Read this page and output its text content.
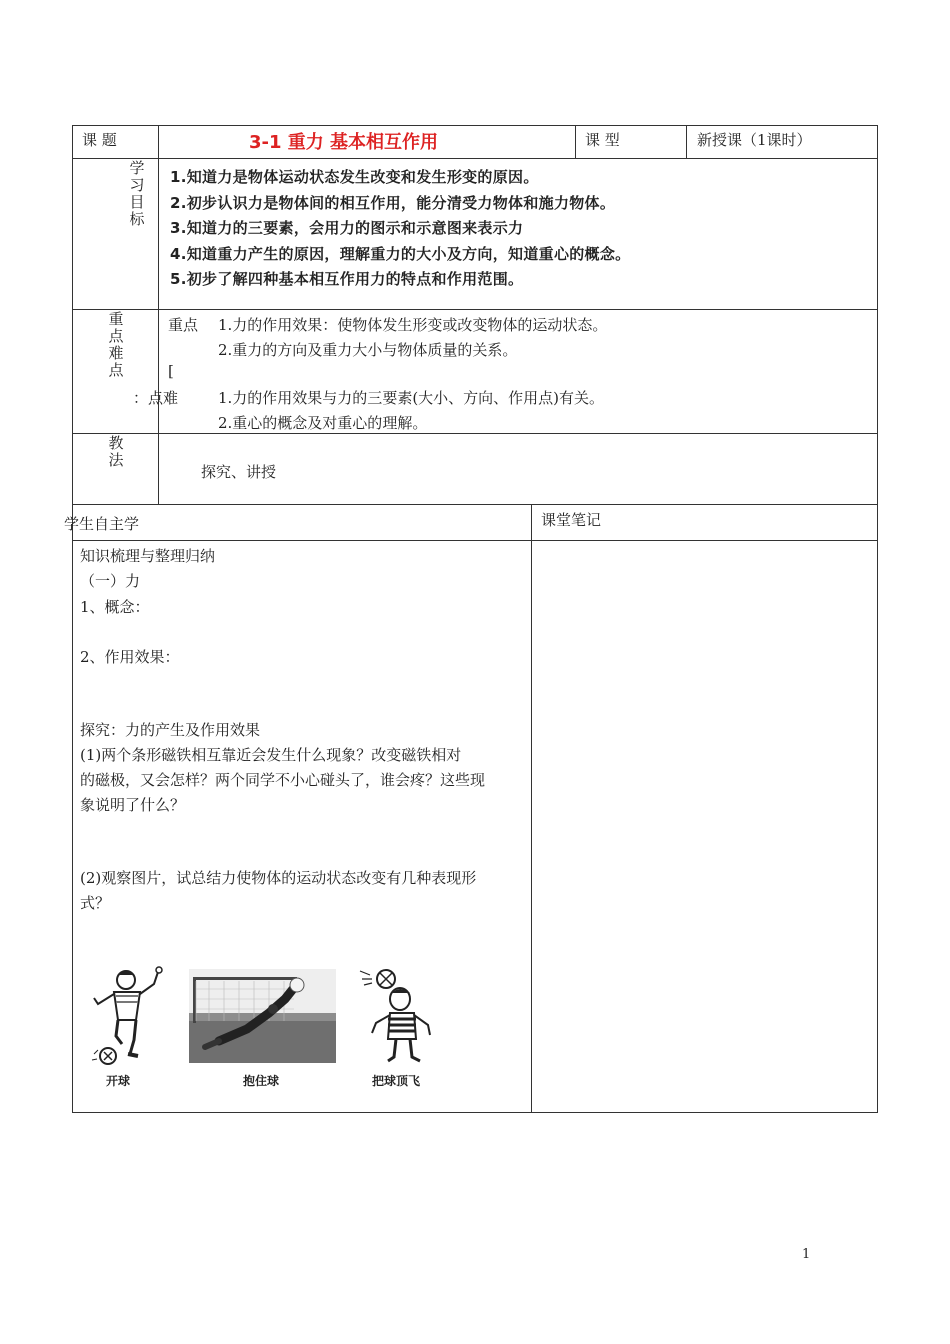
课 题	3-1 重力 基本相互作用	课 型	新授课（1课时）
学习目标
1.知道力是物体运动状态发生改变和发生形变的原因。
2.初步认识力是物体间的相互作用，能分清受力物体和施力物体。
3.知道力的三要素，会用力的图示和示意图来表示力
4.知道重力产生的原因，理解重力的大小及方向，知道重心的概念。
5.初步了解四种基本相互作用力的特点和作用范围。
重点难点
重点 1.力的作用效果：使物体发生形变或改变物体的运动状态。
2.重力的方向及重力大小与物体质量的关系。
[
：点难	1.力的作用效果与力的三要素(大小、方向、作用点)有关。
2.重心的概念及对重心的理解。
教法
探究、讲授
学生自主学	课堂笔记
知识梳理与整理归纳
（一）力
1、概念：
2、作用效果：
探究：力的产生及作用效果
(1)两个条形磁铁相互靠近会发生什么现象？改变磁铁相对
的磁极，又会怎样？两个同学不小心碰头了，谁会疼？这些现
象说明了什么？
(2)观察图片，试总结力使物体的运动状态改变有几种表现形
式？
开球	抱住球	把球顶飞
1
